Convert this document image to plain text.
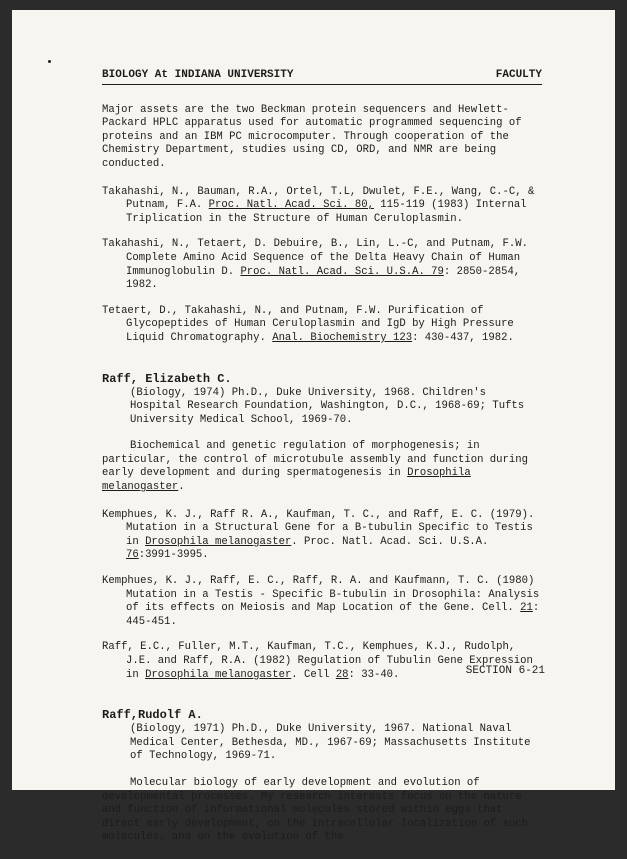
BIOLOGY At INDIANA UNIVERSITY	FACULTY

Major assets are the two Beckman protein sequencers and Hewlett-Packard HPLC apparatus used for automatic programmed sequencing of proteins and an IBM PC microcomputer. Through cooperation of the Chemistry Department, studies using CD, ORD, and NMR are being conducted.

Takahashi, N., Bauman, R.A., Ortel, T.L, Dwulet, F.E., Wang, C.-C, & Putnam, F.A. Proc. Natl. Acad. Sci. 80, 115-119 (1983) Internal Triplication in the Structure of Human Ceruloplasmin.

Takahashi, N., Tetaert, D. Debuire, B., Lin, L.-C, and Putnam, F.W. Complete Amino Acid Sequence of the Delta Heavy Chain of Human Immunoglobulin D. Proc. Natl. Acad. Sci. U.S.A. 79: 2850-2854, 1982.

Tetaert, D., Takahashi, N., and Putnam, F.W. Purification of Glycopeptides of Human Ceruloplasmin and IgD by High Pressure Liquid Chromatography. Anal. Biochemistry 123: 430-437, 1982.

Raff, Elizabeth C.

(Biology, 1974) Ph.D., Duke University, 1968. Children's Hospital Research Foundation, Washington, D.C., 1968-69; Tufts University Medical School, 1969-70.

Biochemical and genetic regulation of morphogenesis; in particular, the control of microtubule assembly and function during early development and during spermatogenesis in Drosophila melanogaster.

Kemphues, K. J., Raff R. A., Kaufman, T. C., and Raff, E. C. (1979). Mutation in a Structural Gene for a B-tubulin Specific to Testis in Drosophila melanogaster. Proc. Natl. Acad. Sci. U.S.A. 76:3991-3995.

Kemphues, K. J., Raff, E. C., Raff, R. A. and Kaufmann, T. C. (1980) Mutation in a Testis - Specific B-tubulin in Drosophila: Analysis of its effects on Meiosis and Map Location of the Gene. Cell. 21: 445-451.

Raff, E.C., Fuller, M.T., Kaufman, T.C., Kemphues, K.J., Rudolph, J.E. and Raff, R.A. (1982) Regulation of Tubulin Gene Expression in Drosophila melanogaster. Cell 28: 33-40.

Raff,Rudolf A.

(Biology, 1971) Ph.D., Duke University, 1967. National Naval Medical Center, Bethesda, MD., 1967-69; Massachusetts Institute of Technology, 1969-71.

Molecular biology of early development and evolution of developmental processes. My research interests focus on the nature and function of informational molecules stored within eggs that direct early development, on the intracellular localization of such molecules, and on the evolution of the

SECTION 6-21
